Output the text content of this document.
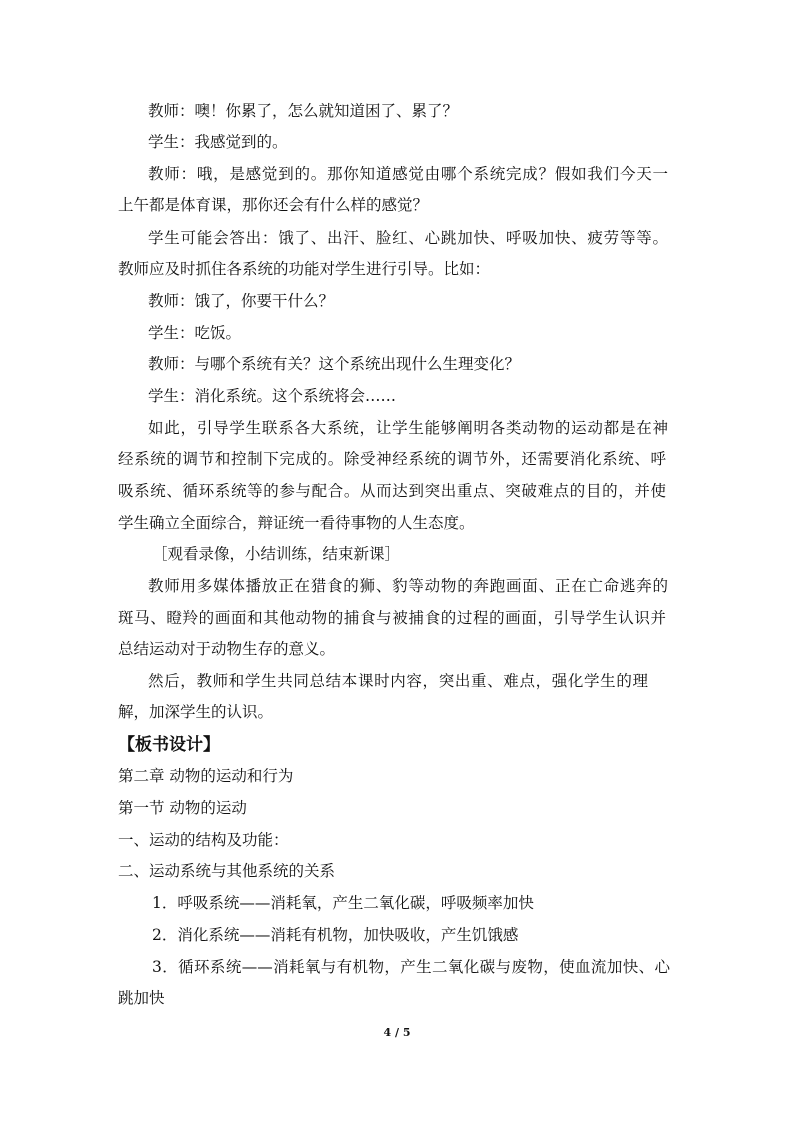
教师：噢！你累了，怎么就知道困了、累了？
学生：我感觉到的。
教师：哦，是感觉到的。那你知道感觉由哪个系统完成？假如我们今天一
上午都是体育课，那你还会有什么样的感觉？
学生可能会答出：饿了、出汗、脸红、心跳加快、呼吸加快、疲劳等等。
教师应及时抓住各系统的功能对学生进行引导。比如：
教师：饿了，你要干什么？
学生：吃饭。
教师：与哪个系统有关？这个系统出现什么生理变化？
学生：消化系统。这个系统将会……
如此，引导学生联系各大系统，让学生能够阐明各类动物的运动都是在神
经系统的调节和控制下完成的。除受神经系统的调节外，还需要消化系统、呼
吸系统、循环系统等的参与配合。从而达到突出重点、突破难点的目的，并使
学生确立全面综合，辩证统一看待事物的人生态度。
［观看录像，小结训练，结束新课］
教师用多媒体播放正在猎食的狮、豹等动物的奔跑画面、正在亡命逃奔的
斑马、瞪羚的画面和其他动物的捕食与被捕食的过程的画面，引导学生认识并
总结运动对于动物生存的意义。
然后，教师和学生共同总结本课时内容，突出重、难点，强化学生的理
解，加深学生的认识。
【板书设计】
第二章 动物的运动和行为
第一节 动物的运动
一、运动的结构及功能：
二、运动系统与其他系统的关系
1．呼吸系统——消耗氧，产生二氧化碳，呼吸频率加快
2．消化系统——消耗有机物，加快吸收，产生饥饿感
3．循环系统——消耗氧与有机物，产生二氧化碳与废物，使血流加快、心
跳加快
4 / 5
